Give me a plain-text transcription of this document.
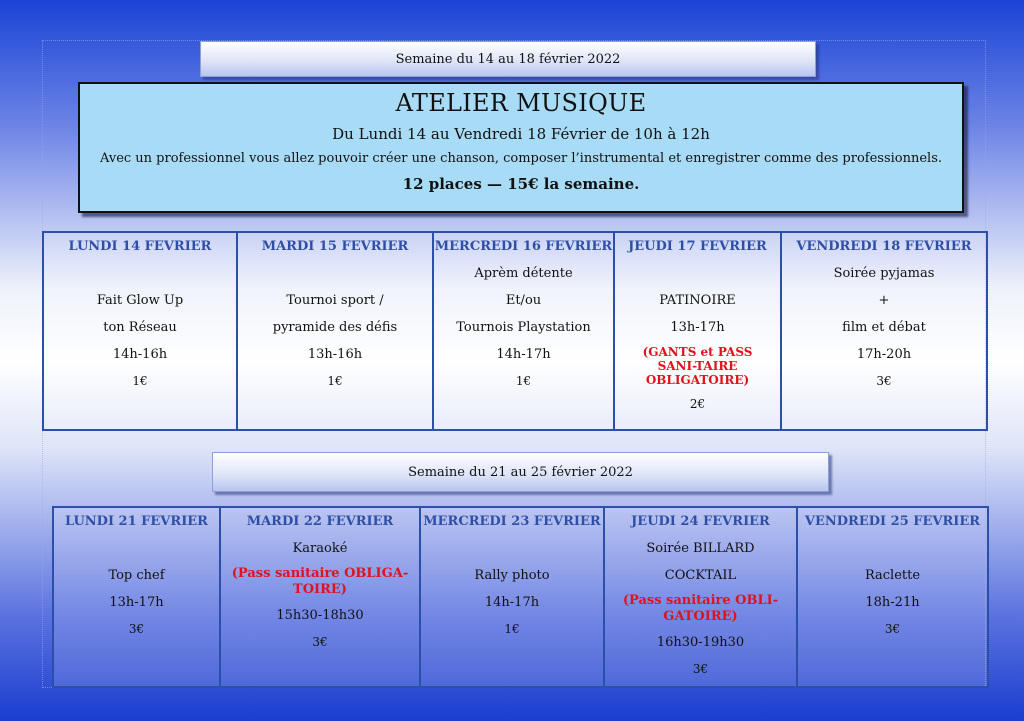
Semaine du 14 au 18 février 2022
ATELIER MUSIQUE
Du Lundi 14 au Vendredi 18 Février de 10h à 12h
Avec un professionnel vous allez pouvoir créer une chanson, composer l’instrumental et enregistrer comme des professionnels.
12 places — 15€ la semaine.
LUNDI 14 FEVRIER
Fait Glow Up
ton Réseau
14h-16h
1€
MARDI 15 FEVRIER
Tournoi sport /
pyramide des défis
13h-16h
1€
MERCREDI 16 FEVRIER
Aprèm détente
Et/ou
Tournois Playstation
14h-17h
1€
JEUDI 17 FEVRIER
PATINOIRE
13h-17h
(GANTS et PASS SANI-TAIRE OBLIGATOIRE)
2€
VENDREDI 18 FEVRIER
Soirée pyjamas
+
film et débat
17h-20h
3€
Semaine du 21 au 25 février 2022
LUNDI 21 FEVRIER
Top chef
13h-17h
3€
MARDI 22 FEVRIER
Karaoké
(Pass sanitaire OBLIGA-TOIRE)
15h30-18h30
3€
MERCREDI 23 FEVRIER
Rally photo
14h-17h
1€
JEUDI 24 FEVRIER
Soirée BILLARD
COCKTAIL
(Pass sanitaire OBLI-GATOIRE)
16h30-19h30
3€
VENDREDI 25 FEVRIER
Raclette
18h-21h
3€
